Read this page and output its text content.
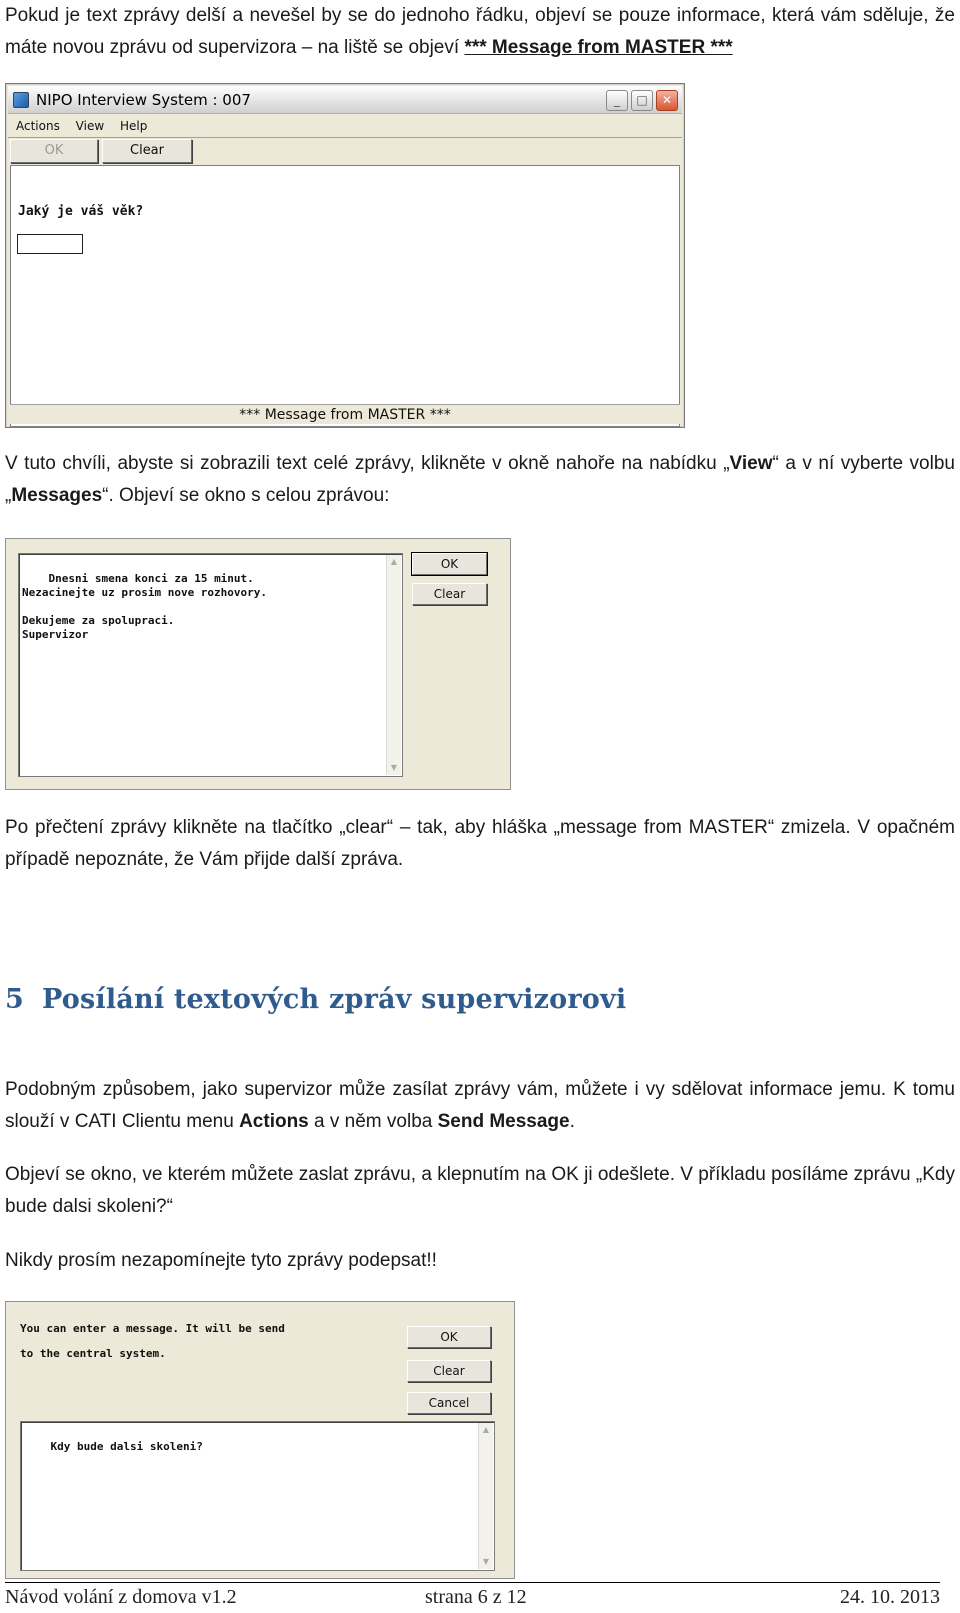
Pokud je text zprávy delší a nevešel by se do jednoho řádku, objeví se pouze informace, která vám sděluje, že máte novou zprávu od supervizora – na liště se objeví *** Message from MASTER ***

NIPO Interview System : 007	_	□	✕
Actions View Help
OK	Clear
Jaký je váš věk?
*** Message from MASTER ***

V tuto chvíli, abyste si zobrazili text celé zprávy, klikněte v okně nahoře na nabídku „View“ a v ní vyberte volbu „Messages“. Objeví se okno s celou zprávou:

Dnesni smena konci za 15 minut.
Nezacinejte uz prosim nove rozhovory.

Dekujeme za spolupraci.
Supervizor

▲

▼

OK
Clear

Po přečtení zprávy klikněte na tlačítko „clear“ – tak, aby hláška „message from MASTER“ zmizela. V opačném případě nepoznáte, že Vám přijde další zpráva.

5 Posílání textových zpráv supervizorovi

Podobným způsobem, jako supervizor může zasílat zprávy vám, můžete i vy sdělovat informace jemu. K tomu slouží v CATI Clientu menu Actions a v něm volba Send Message.

Objeví se okno, ve kterém můžete zaslat zprávu, a klepnutím na OK ji odešlete. V příkladu posíláme zprávu „Kdy bude dalsi skoleni?“

Nikdy prosím nezapomínejte tyto zprávy podepsat!!

You can enter a message. It will be send
to the central system.
OK
Clear
Cancel

Kdy bude dalsi skoleni?

▲

▼

Návod volání z domova v1.2	strana 6 z 12	24. 10. 2013
